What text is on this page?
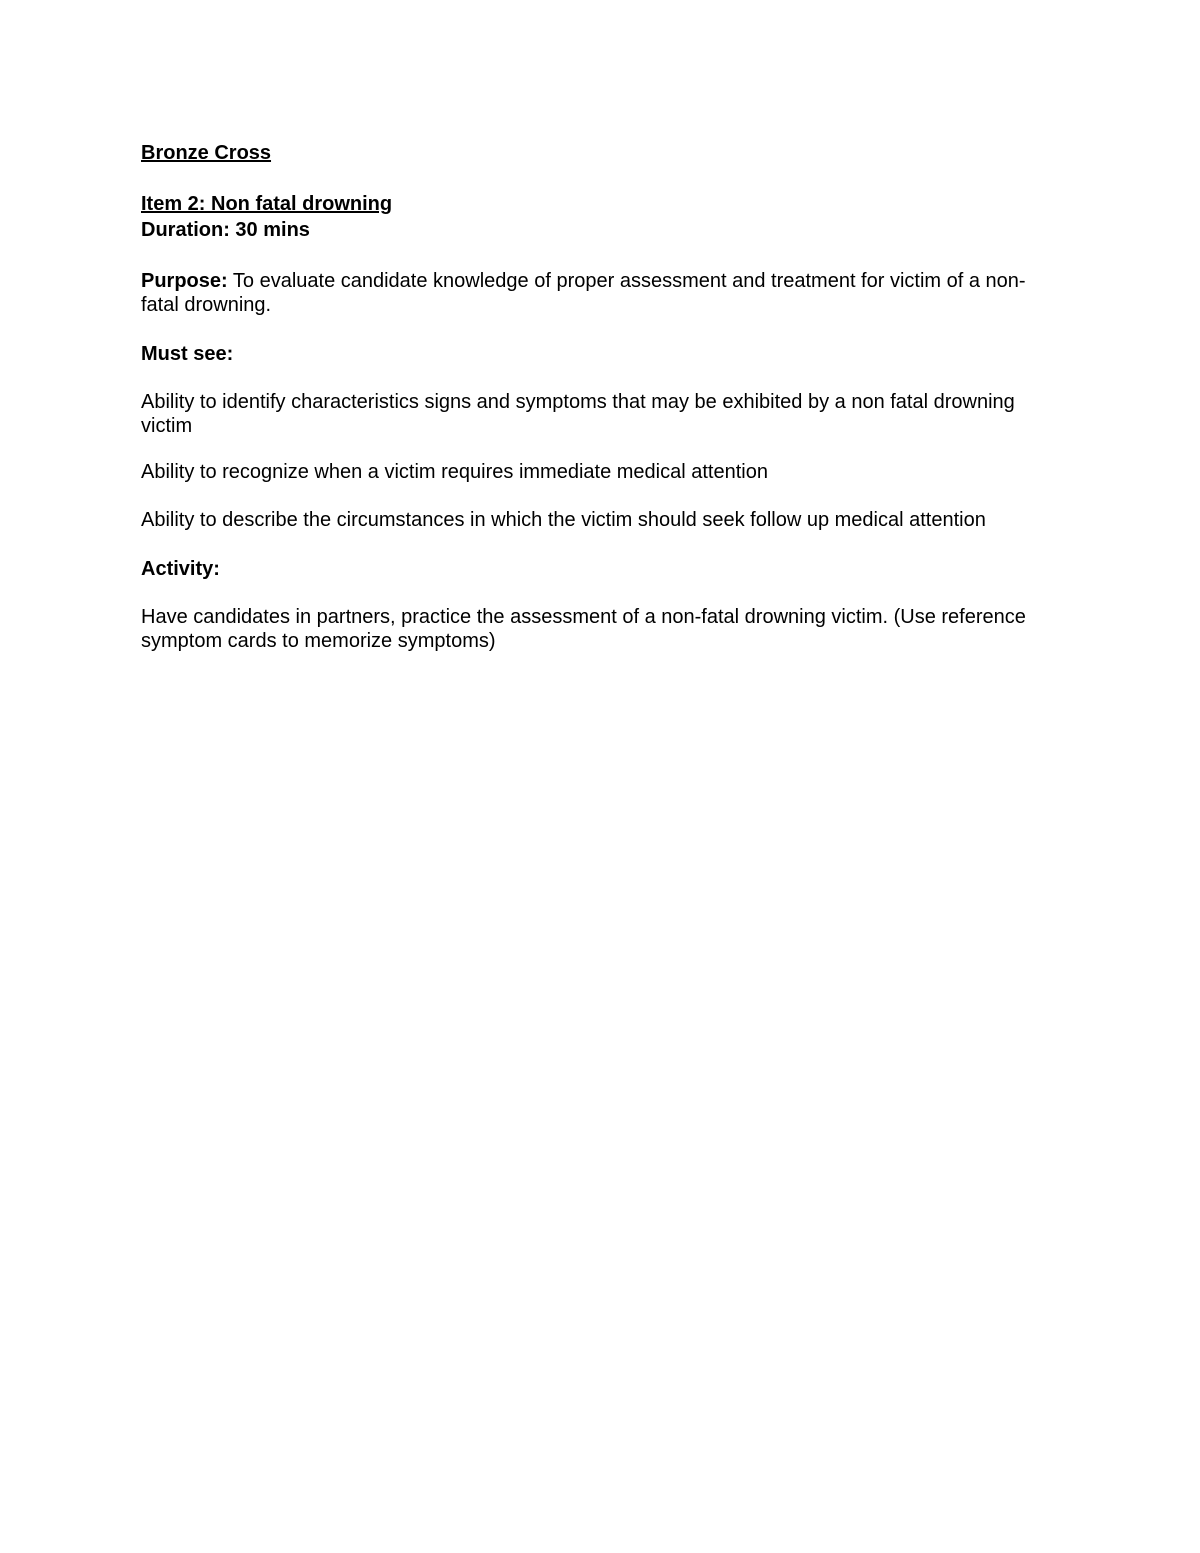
Bronze Cross

Item 2: Non fatal drowning

Duration: 30 mins

Purpose: To evaluate candidate knowledge of proper assessment and treatment for victim of a non-fatal drowning.

Must see:

Ability to identify characteristics signs and symptoms that may be exhibited by a non fatal drowning victim

Ability to recognize when a victim requires immediate medical attention

Ability to describe the circumstances in which the victim should seek follow up medical attention

Activity:

Have candidates in partners, practice the assessment of a non-fatal drowning victim. (Use reference symptom cards to memorize symptoms)
